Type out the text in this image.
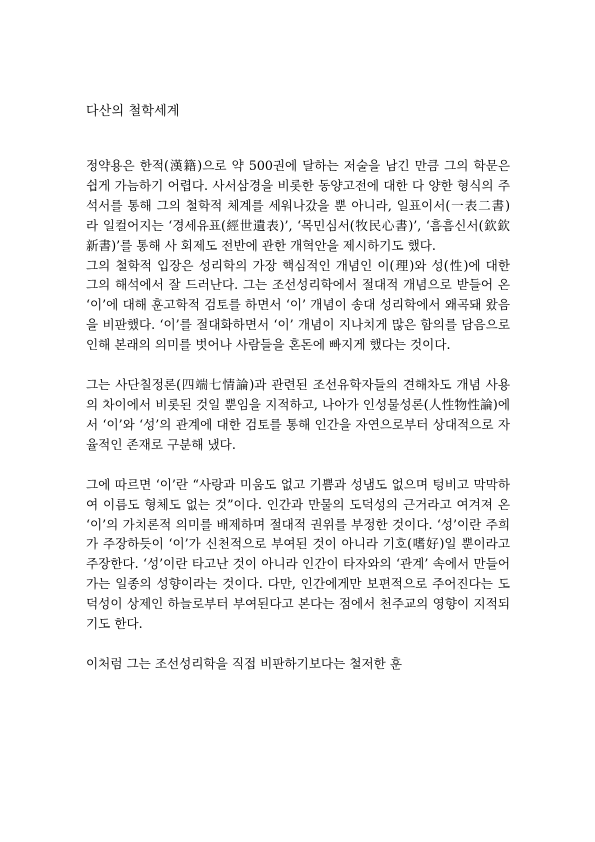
다산의 철학세계

정약용은 한적(漢籍)으로 약 500권에 달하는 저술을 남긴 만큼 그의 학문은 쉽게 가늠하기 어렵다. 사서삼경을 비롯한 동양고전에 대한 다 양한 형식의 주석서를 통해 그의 철학적 체계를 세워나갔을 뿐 아니라, 일표이서(一表二書)라 일컬어지는 ‘경세유표(經世遺表)’, ‘목민심서(牧民心書)’, ‘흠흠신서(欽欽新書)’를 통해 사 회제도 전반에 관한 개혁안을 제시하기도 했다.

그의 철학적 입장은 성리학의 가장 핵심적인 개념인 이(理)와 성(性)에 대한 그의 해석에서 잘 드러난다. 그는 조선성리학에서 절대적 개념으로 받들어 온 ‘이’에 대해 훈고학적 검토를 하면서 ‘이’ 개념이 송대 성리학에서 왜곡돼 왔음을 비판했다. ‘이’를 절대화하면서 ‘이’ 개념이 지나치게 많은 함의를 담음으로 인해 본래의 의미를 벗어나 사람들을 혼돈에 빠지게 했다는 것이다.

그는 사단칠정론(四端七情論)과 관련된 조선유학자들의 견해차도 개념 사용의 차이에서 비롯된 것일 뿐임을 지적하고, 나아가 인성물성론(人性物性論)에서 ‘이’와 ‘성’의 관계에 대한 검토를 통해 인간을 자연으로부터 상대적으로 자율적인 존재로 구분해 냈다.

그에 따르면 ‘이’란 “사랑과 미움도 없고 기쁨과 성냄도 없으며 텅비고 막막하여 이름도 형체도 없는 것”이다. 인간과 만물의 도덕성의 근거라고 여겨져 온 ‘이’의 가치론적 의미를 배제하며 절대적 권위를 부정한 것이다. ‘성’이란 주희가 주장하듯이 ‘이’가 신천적으로 부여된 것이 아니라 기호(嗜好)일 뿐이라고 주장한다. ‘성’이란 타고난 것이 아니라 인간이 타자와의 ‘관계’ 속에서 만들어가는 일종의 성향이라는 것이다. 다만, 인간에게만 보편적으로 주어진다는 도덕성이 상제인 하늘로부터 부여된다고 본다는 점에서 천주교의 영향이 지적되기도 한다.

이처럼 그는 조선성리학을 직접 비판하기보다는 철저한 훈
